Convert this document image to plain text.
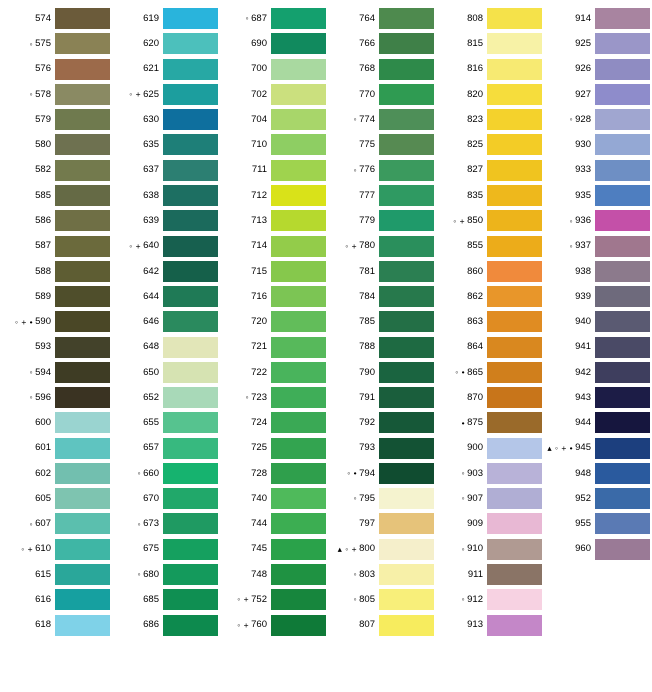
574
◦ 575
576
◦ 578
579
580
582
585
586
587
588
589
◦ + • 590
593
◦ 594
◦ 596
600
601
602
605
◦ 607
◦ + 610
615
616
618
619
620
621
◦ + 625
630
635
637
638
639
◦ + 640
642
644
646
648
650
652
655
657
◦ 660
670
◦ 673
675
◦ 680
685
686
◦ 687
690
700
702
704
710
711
712
713
714
715
716
720
721
722
◦ 723
724
725
728
740
744
745
748
◦ + 752
◦ + 760
764
766
768
770
◦ 774
775
◦ 776
777
779
◦ + 780
781
784
785
788
790
791
792
793
◦ • 794
◦ 795
797
▴ ◦ + 800
◦ 803
◦ 805
807
808
815
816
820
823
825
827
835
◦ + 850
855
860
862
863
864
◦ • 865
870
• 875
900
◦ 903
◦ 907
909
◦ 910
911
◦ 912
913
914
925
926
927
◦ 928
930
933
935
◦ 936
◦ 937
938
939
940
941
942
943
944
▴ ◦ + • 945
948
952
955
960
